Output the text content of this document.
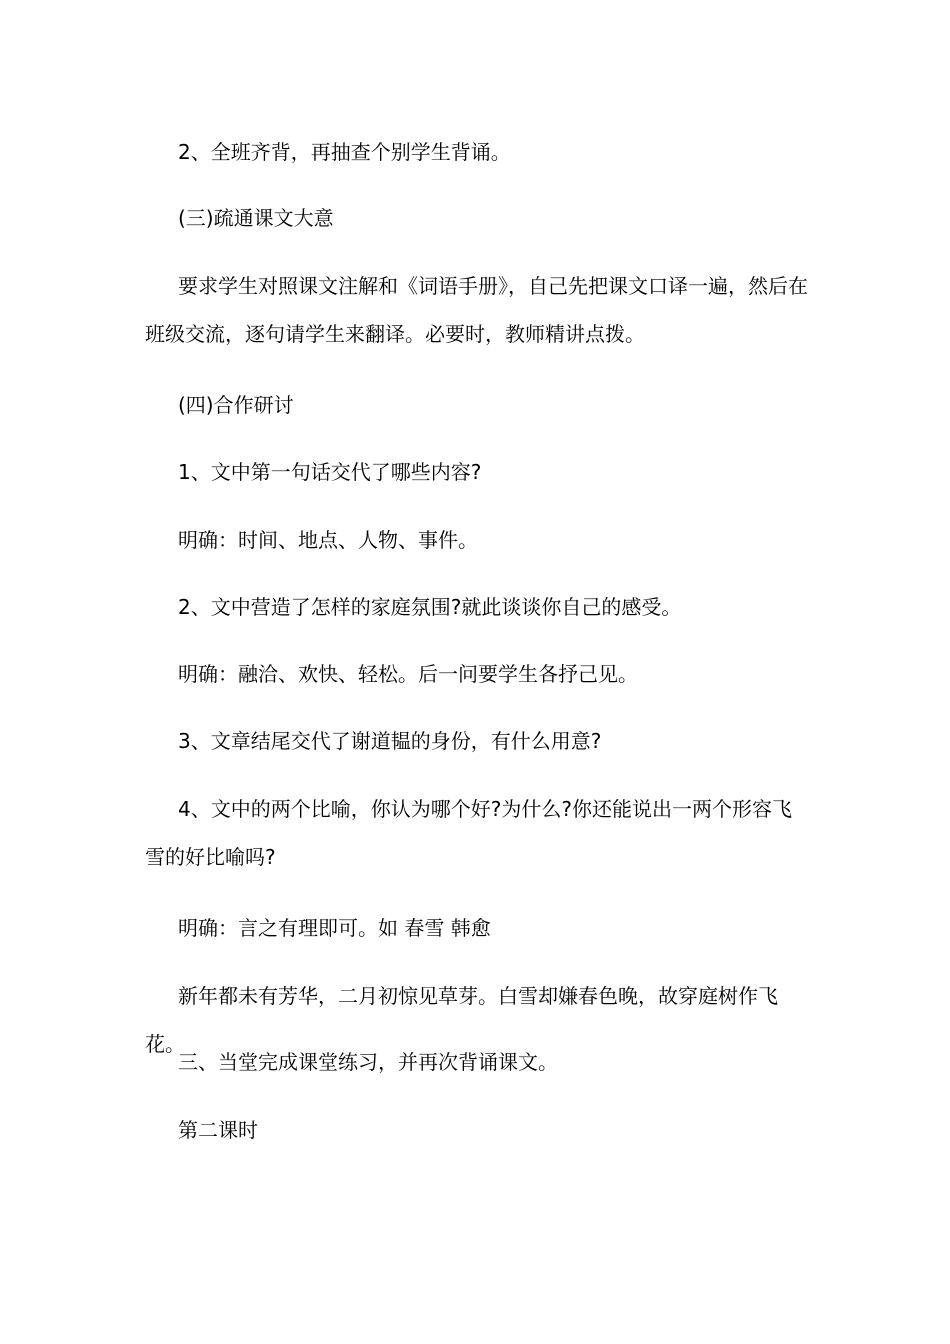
2、全班齐背，再抽查个别学生背诵。

(三)疏通课文大意

要求学生对照课文注解和《词语手册》，自己先把课文口译一遍，然后在班级交流，逐句请学生来翻译。必要时，教师精讲点拨。

(四)合作研讨

1、文中第一句话交代了哪些内容?

明确：时间、地点、人物、事件。

2、文中营造了怎样的家庭氛围?就此谈谈你自己的感受。

明确：融洽、欢快、轻松。后一问要学生各抒己见。

3、文章结尾交代了谢道韫的身份，有什么用意?

4、文中的两个比喻，你认为哪个好?为什么?你还能说出一两个形容飞雪的好比喻吗?

明确：言之有理即可。如 春雪 韩愈

新年都未有芳华，二月初惊见草芽。白雪却嫌春色晚，故穿庭树作飞花。

三、当堂完成课堂练习，并再次背诵课文。

第二课时
